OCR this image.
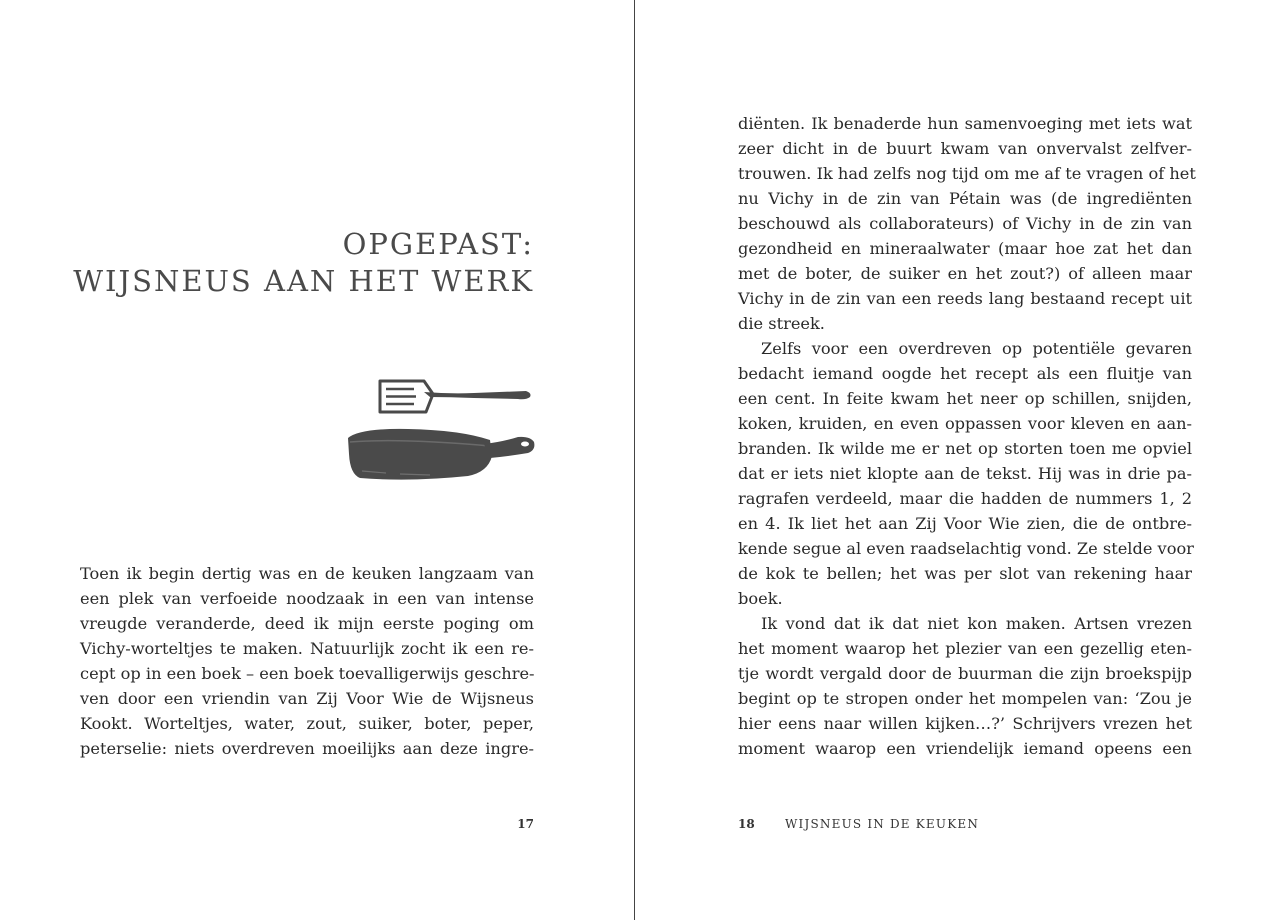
OPGEPAST:
WIJSNEUS AAN HET WERK
Toen ik begin dertig was en de keuken langzaam van
een plek van verfoeide noodzaak in een van intense
vreugde veranderde, deed ik mijn eerste poging om
Vichy-worteltjes te maken. Natuurlijk zocht ik een re-
cept op in een boek – een boek toevalligerwijs geschre-
ven door een vriendin van Zij Voor Wie de Wijsneus
Kookt. Worteltjes, water, zout, suiker, boter, peper,
peterselie: niets overdreven moeilijks aan deze ingre-
17
diënten. Ik benaderde hun samenvoeging met iets wat
zeer dicht in de buurt kwam van onvervalst zelfver-
trouwen. Ik had zelfs nog tijd om me af te vragen of het
nu Vichy in de zin van Pétain was (de ingrediënten
beschouwd als collaborateurs) of Vichy in de zin van
gezondheid en mineraalwater (maar hoe zat het dan
met de boter, de suiker en het zout?) of alleen maar
Vichy in de zin van een reeds lang bestaand recept uit
die streek.
Zelfs voor een overdreven op potentiële gevaren
bedacht iemand oogde het recept als een fluitje van
een cent. In feite kwam het neer op schillen, snijden,
koken, kruiden, en even oppassen voor kleven en aan-
branden. Ik wilde me er net op storten toen me opviel
dat er iets niet klopte aan de tekst. Hij was in drie pa-
ragrafen verdeeld, maar die hadden de nummers 1, 2
en 4. Ik liet het aan Zij Voor Wie zien, die de ontbre-
kende segue al even raadselachtig vond. Ze stelde voor
de kok te bellen; het was per slot van rekening haar
boek.
Ik vond dat ik dat niet kon maken. Artsen vrezen
het moment waarop het plezier van een gezellig eten-
tje wordt vergald door de buurman die zijn broekspijp
begint op te stropen onder het mompelen van: ‘Zou je
hier eens naar willen kijken…?’ Schrijvers vrezen het
moment waarop een vriendelijk iemand opeens een
18	WIJSNEUS IN DE KEUKEN
